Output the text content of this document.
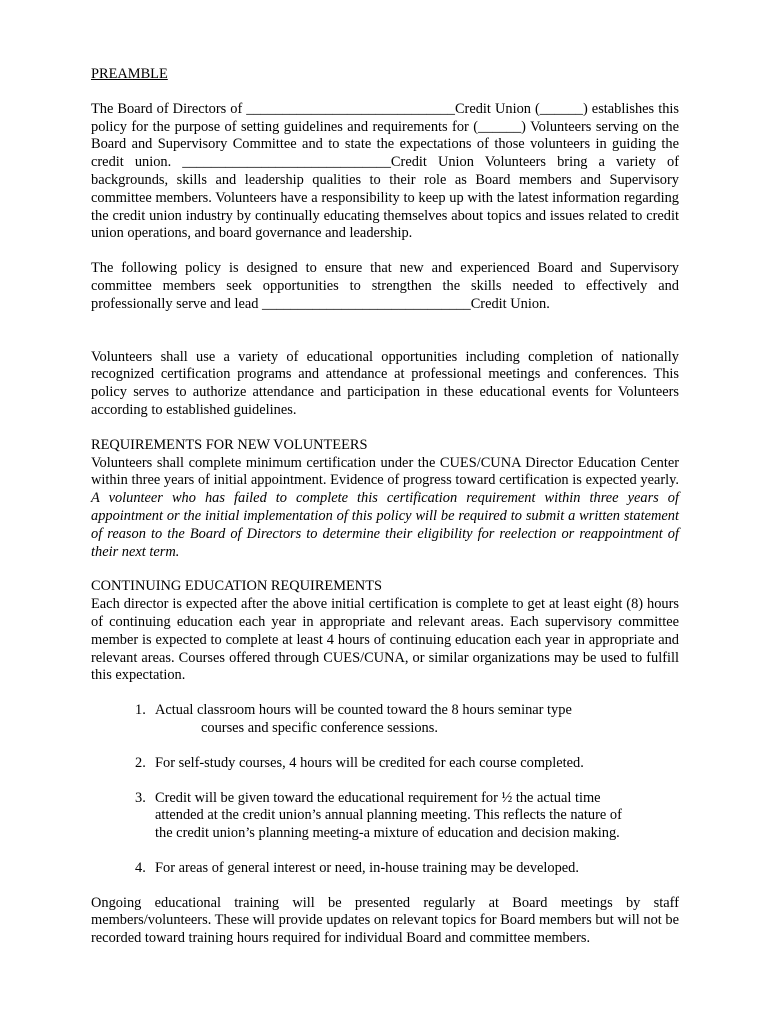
PREAMBLE

The Board of Directors of _____________________________Credit Union (______) establishes this policy for the purpose of setting guidelines and requirements for (______) Volunteers serving on the Board and Supervisory Committee and to state the expectations of those volunteers in guiding the credit union. _____________________________Credit Union Volunteers bring a variety of backgrounds, skills and leadership qualities to their role as Board members and Supervisory committee members. Volunteers have a responsibility to keep up with the latest information regarding the credit union industry by continually educating themselves about topics and issues related to credit union operations, and board governance and leadership.

The following policy is designed to ensure that new and experienced Board and Supervisory committee members seek opportunities to strengthen the skills needed to effectively and professionally serve and lead _____________________________Credit Union.

Volunteers shall use a variety of educational opportunities including completion of nationally recognized certification programs and attendance at professional meetings and conferences. This policy serves to authorize attendance and participation in these educational events for Volunteers according to established guidelines.

REQUIREMENTS FOR NEW VOLUNTEERS

Volunteers shall complete minimum certification under the CUES/CUNA Director Education Center within three years of initial appointment. Evidence of progress toward certification is expected yearly. A volunteer who has failed to complete this certification requirement within three years of appointment or the initial implementation of this policy will be required to submit a written statement of reason to the Board of Directors to determine their eligibility for reelection or reappointment of their next term.

CONTINUING EDUCATION REQUIREMENTS

Each director is expected after the above initial certification is complete to get at least eight (8) hours of continuing education each year in appropriate and relevant areas. Each supervisory committee member is expected to complete at least 4 hours of continuing education each year in appropriate and relevant areas. Courses offered through CUES/CUNA, or similar organizations may be used to fulfill this expectation.

1. Actual classroom hours will be counted toward the 8 hours seminar type
courses and specific conference sessions.
2. For self-study courses, 4 hours will be credited for each course completed.
3. Credit will be given toward the educational requirement for ½ the actual time attended at the credit union’s annual planning meeting. This reflects the nature of the credit union’s planning meeting-a mixture of education and decision making.
4. For areas of general interest or need, in-house training may be developed.

Ongoing educational training will be presented regularly at Board meetings by staff members/volunteers. These will provide updates on relevant topics for Board members but will not be recorded toward training hours required for individual Board and committee members.
